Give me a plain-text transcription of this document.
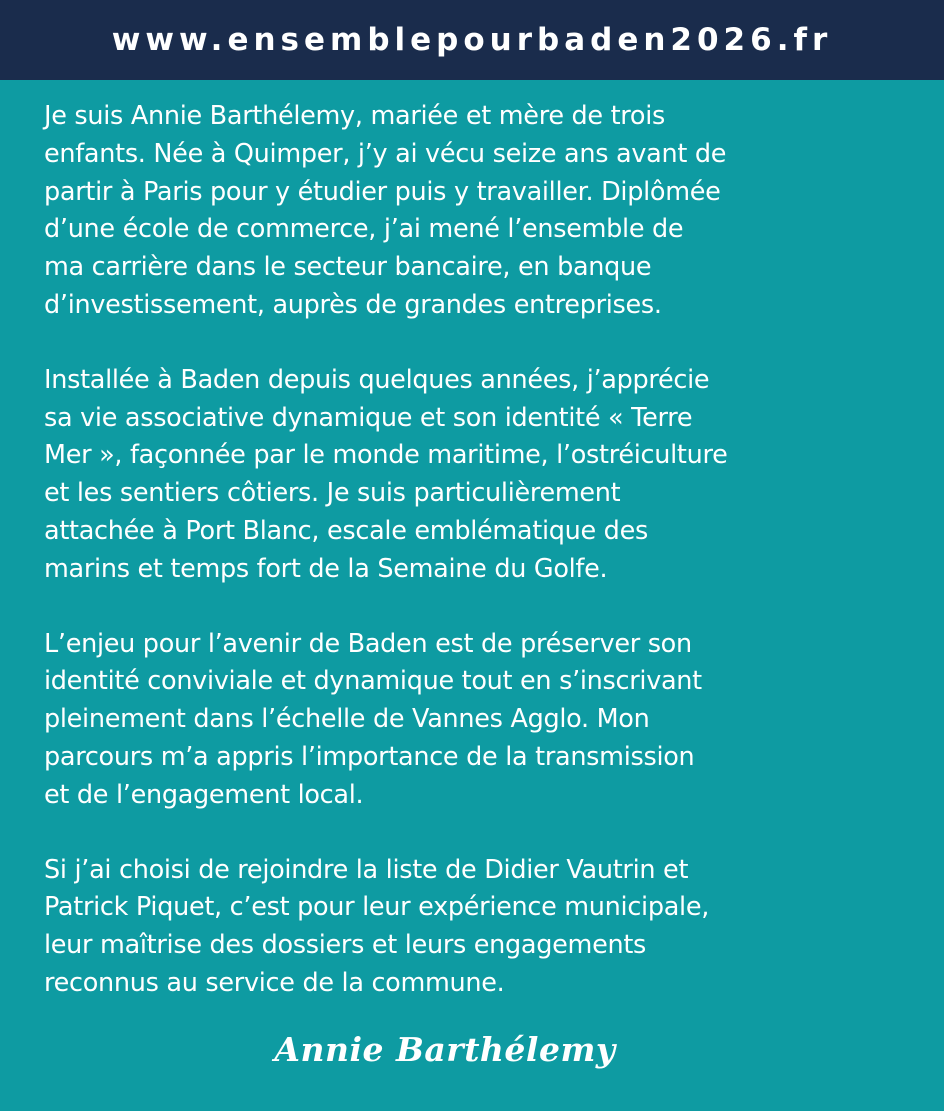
www.ensemblepourbaden2026.fr

Je suis Annie Barthélemy, mariée et mère de trois
enfants. Née à Quimper, j’y ai vécu seize ans avant de
partir à Paris pour y étudier puis y travailler. Diplômée
d’une école de commerce, j’ai mené l’ensemble de
ma carrière dans le secteur bancaire, en banque
d’investissement, auprès de grandes entreprises.

Installée à Baden depuis quelques années, j’apprécie
sa vie associative dynamique et son identité « Terre
Mer », façonnée par le monde maritime, l’ostréiculture
et les sentiers côtiers. Je suis particulièrement
attachée à Port Blanc, escale emblématique des
marins et temps fort de la Semaine du Golfe.

L’enjeu pour l’avenir de Baden est de préserver son
identité conviviale et dynamique tout en s’inscrivant
pleinement dans l’échelle de Vannes Agglo. Mon
parcours m’a appris l’importance de la transmission
et de l’engagement local.

Si j’ai choisi de rejoindre la liste de Didier Vautrin et
Patrick Piquet, c’est pour leur expérience municipale,
leur maîtrise des dossiers et leurs engagements
reconnus au service de la commune.

Annie Barthélemy
